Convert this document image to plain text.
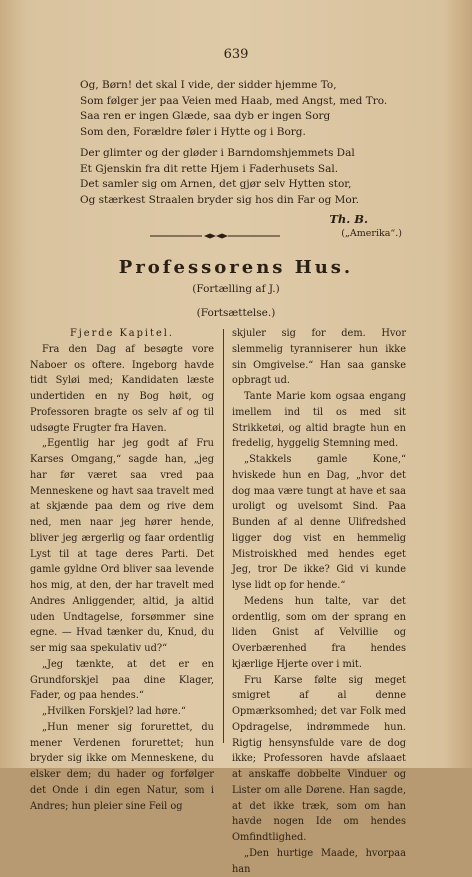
639
Og, Børn! det skal I vide, der sidder hjemme To,
Som følger jer paa Veien med Haab, med Angst, med Tro.
Saa ren er ingen Glæde, saa dyb er ingen Sorg
Som den, Forældre føler i Hytte og i Borg.
Der glimter og der gløder i Barndomshjemmets Dal
Et Gjenskin fra dit rette Hjem i Faderhusets Sal.
Det samler sig om Arnen, det gjør selv Hytten stor,
Og stærkest Straalen bryder sig hos din Far og Mor.
Th. B.
(„Amerika“.)
Professorens Hus.
(Fortælling af J.)
(Fortsættelse.)
Fjerde Kapitel.

Fra den Dag af besøgte vore Naboer os oftere. Ingeborg havde tidt Syløi med; Kandidaten læste undertiden en ny Bog høit, og Professoren bragte os selv af og til udsøgte Frugter fra Haven.

„Egentlig har jeg godt af Fru Karses Omgang,“ sagde han, „jeg har før været saa vred paa Menneskene og havt saa travelt med at skjænde paa dem og rive dem ned, men naar jeg hører hende, bliver jeg ærgerlig og faar ordentlig Lyst til at tage deres Parti. Det gamle gyldne Ord bliver saa levende hos mig, at den, der har travelt med Andres Anliggender, altid, ja altid uden Undtagelse, forsømmer sine egne. — Hvad tænker du, Knud, du ser mig saa spekulativ ud?“

„Jeg tænkte, at det er en Grundforskjel paa dine Klager, Fader, og paa hendes.“

„Hvilken Forskjel? lad høre.“

„Hun mener sig forurettet, du mener Verdenen forurettet; hun bryder sig ikke om Menneskene, du elsker dem; du hader og forfølger det Onde i din egen Natur, som i Andres; hun pleier sine Feil og

skjuler sig for dem. Hvor slemmelig tyranniserer hun ikke sin Omgivelse.“ Han saa ganske opbragt ud.

Tante Marie kom ogsaa engang imellem ind til os med sit Strikketøi, og altid bragte hun en fredelig, hyggelig Stemning med.

„Stakkels gamle Kone,“ hviskede hun en Dag, „hvor det dog maa være tungt at have et saa uroligt og uvelsomt Sind. Paa Bunden af al denne Ulifredshed ligger dog vist en hemmelig Mistroiskhed med hendes eget Jeg, tror De ikke? Gid vi kunde lyse lidt op for hende.“

Medens hun talte, var det ordentlig, som om der sprang en liden Gnist af Velvillie og Overbærenhed fra hendes kjærlige Hjerte over i mit.

Fru Karse følte sig meget smigret af al denne Opmærksomhed; det var Folk med Opdragelse, indrømmede hun. Rigtig hensynsfulde vare de dog ikke; Professoren havde afslaaet at anskaffe dobbelte Vinduer og Lister om alle Dørene. Han sagde, at det ikke træk, som om han havde nogen Ide om hendes Omfindtlighed.

„Den hurtige Maade, hvorpaa han
